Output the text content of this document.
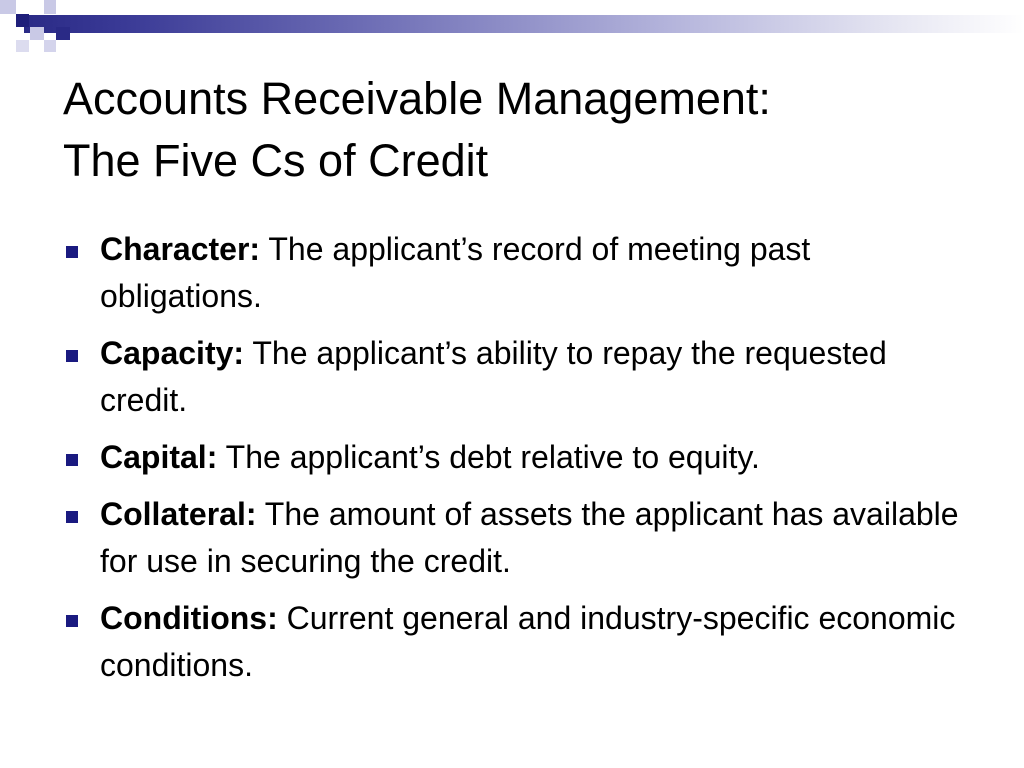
Accounts Receivable Management:
The Five Cs of Credit
Character: The applicant’s record of meeting past obligations.
Capacity: The applicant’s ability to repay the requested credit.
Capital: The applicant’s debt relative to equity.
Collateral: The amount of assets the applicant has available for use in securing the credit.
Conditions: Current general and industry-specific economic conditions.
